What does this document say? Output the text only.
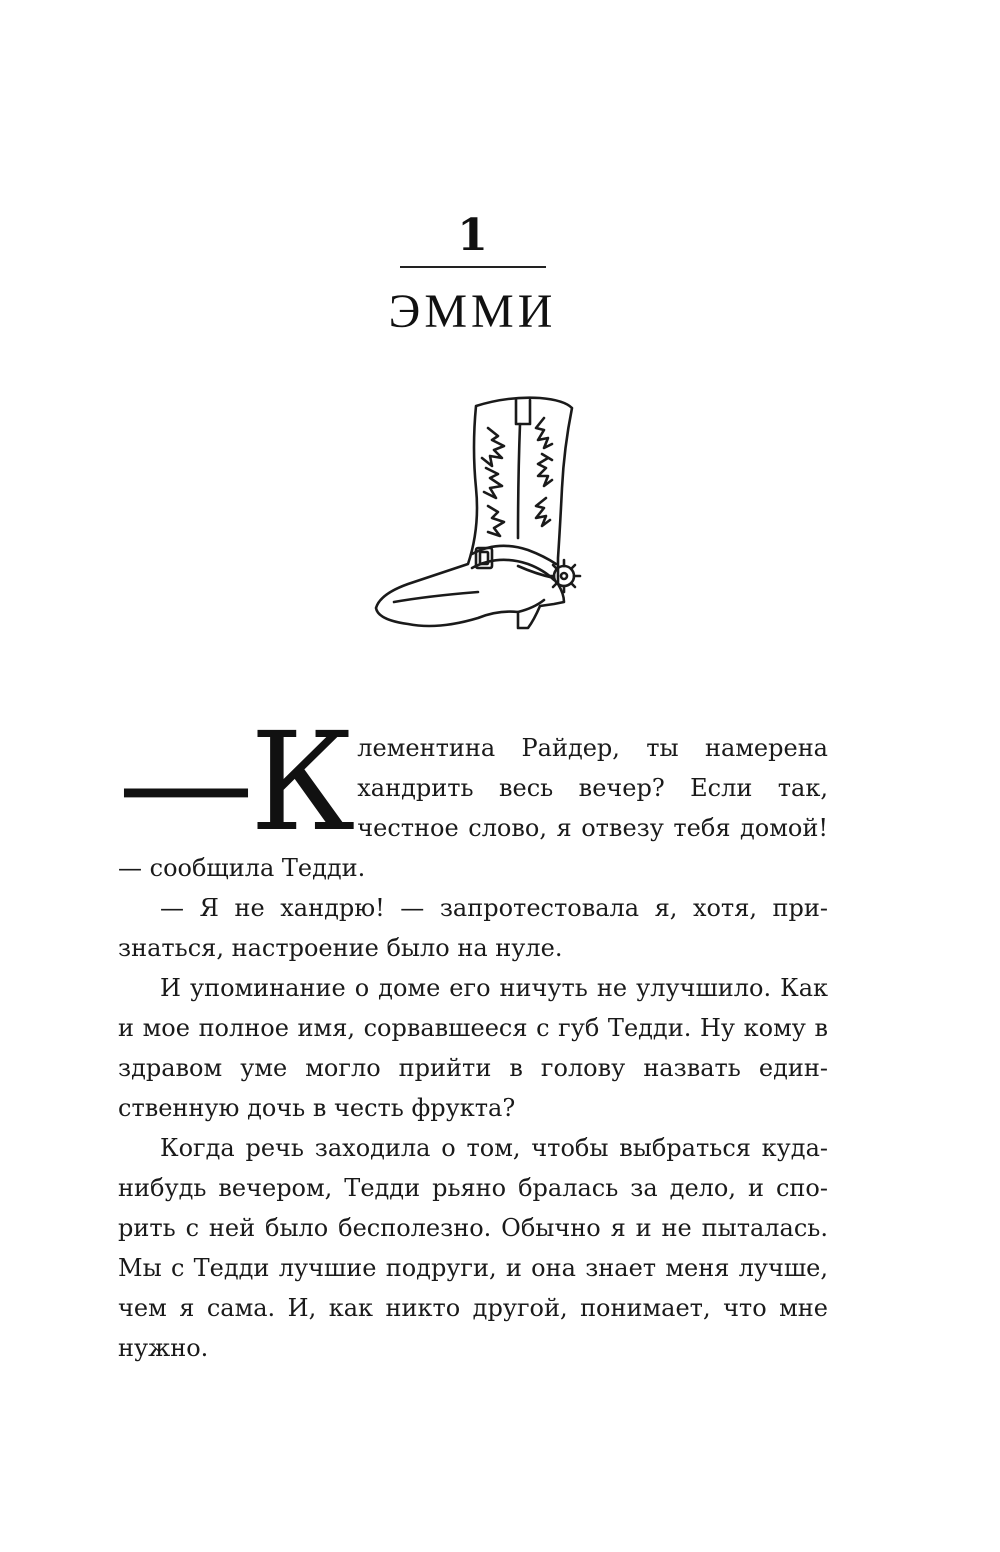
1
ЭММИ

—К лементина Райдер, ты намерена хандрить весь вечер? Если так, честное слово, я отвезу тебя домой! — сообщила Тедди.

— Я не хандрю! — запротестовала я, хотя, признаться, настроение было на нуле.

И упоминание о доме его ничуть не улучшило. Как и мое полное имя, сорвавшееся с губ Тедди. Ну кому в здравом уме могло прийти в голову назвать единственную дочь в честь фрукта?

Когда речь заходила о том, чтобы выбраться куда-нибудь вечером, Тедди рьяно бралась за дело, и спорить с ней было бесполезно. Обычно я и не пыталась. Мы с Тедди лучшие подруги, и она знает меня лучше, чем я сама. И, как никто другой, понимает, что мне нужно.
